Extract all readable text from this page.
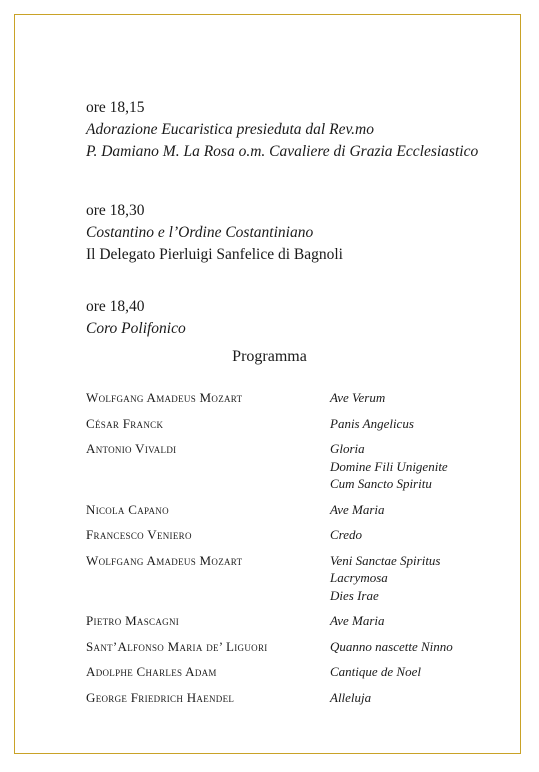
ore 18,15
Adorazione Eucaristica presieduta dal Rev.mo
P. Damiano M. La Rosa o.m. Cavaliere di Grazia Ecclesiastico
ore 18,30
Costantino e l’Ordine Costantiniano
Il Delegato Pierluigi Sanfelice di Bagnoli
ore 18,40
Coro Polifonico
Programma
Wolfgang Amadeus Mozart	Ave Verum
César Franck	Panis Angelicus
Antonio Vivaldi	Gloria
Domine Fili Unigenite
Cum Sancto Spiritu
Nicola Capano	Ave Maria
Francesco Veniero	Credo
Wolfgang Amadeus Mozart	Veni Sanctae Spiritus
Lacrymosa
Dies Irae
Pietro Mascagni	Ave Maria
Sant’Alfonso Maria de’ Liguori	Quanno nascette Ninno
Adolphe Charles Adam	Cantique de Noel
George Friedrich Haendel	Alleluja
